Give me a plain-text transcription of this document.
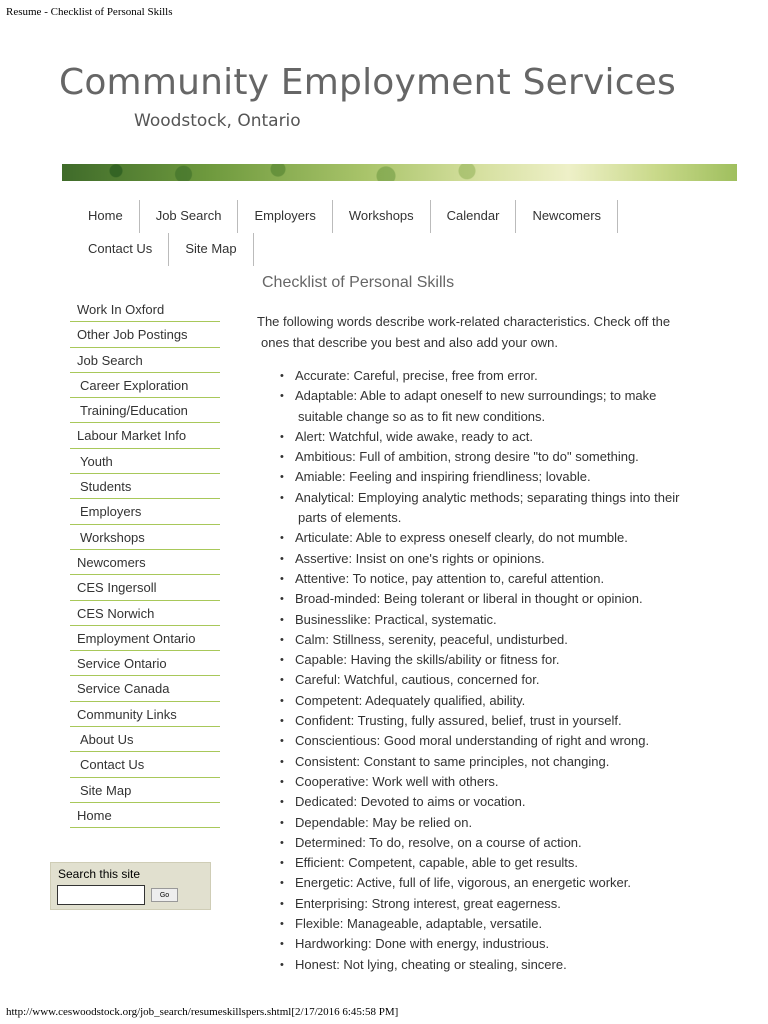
Resume - Checklist of Personal Skills
Community Employment Services
Woodstock, Ontario
Home	Job Search	Employers	Workshops	Calendar	Newcomers
Contact Us	Site Map
Checklist of Personal Skills
Work In Oxford
Other Job Postings
Job Search
Career Exploration
Training/Education
Labour Market Info
Youth
Students
Employers
Workshops
Newcomers
CES Ingersoll
CES Norwich
Employment Ontario
Service Ontario
Service Canada
Community Links
About Us
Contact Us
Site Map
Home
Search this site
Go
The following words describe work-related characteristics. Check off the
ones that describe you best and also add your own.
• Accurate: Careful, precise, free from error.
• Adaptable: Able to adapt oneself to new surroundings; to make
suitable change so as to fit new conditions.
• Alert: Watchful, wide awake, ready to act.
• Ambitious: Full of ambition, strong desire "to do" something.
• Amiable: Feeling and inspiring friendliness; lovable.
• Analytical: Employing analytic methods; separating things into their
parts of elements.
• Articulate: Able to express oneself clearly, do not mumble.
• Assertive: Insist on one's rights or opinions.
• Attentive: To notice, pay attention to, careful attention.
• Broad-minded: Being tolerant or liberal in thought or opinion.
• Businesslike: Practical, systematic.
• Calm: Stillness, serenity, peaceful, undisturbed.
• Capable: Having the skills/ability or fitness for.
• Careful: Watchful, cautious, concerned for.
• Competent: Adequately qualified, ability.
• Confident: Trusting, fully assured, belief, trust in yourself.
• Conscientious: Good moral understanding of right and wrong.
• Consistent: Constant to same principles, not changing.
• Cooperative: Work well with others.
• Dedicated: Devoted to aims or vocation.
• Dependable: May be relied on.
• Determined: To do, resolve, on a course of action.
• Efficient: Competent, capable, able to get results.
• Energetic: Active, full of life, vigorous, an energetic worker.
• Enterprising: Strong interest, great eagerness.
• Flexible: Manageable, adaptable, versatile.
• Hardworking: Done with energy, industrious.
• Honest: Not lying, cheating or stealing, sincere.
http://www.ceswoodstock.org/job_search/resumeskillspers.shtml[2/17/2016 6:45:58 PM]
